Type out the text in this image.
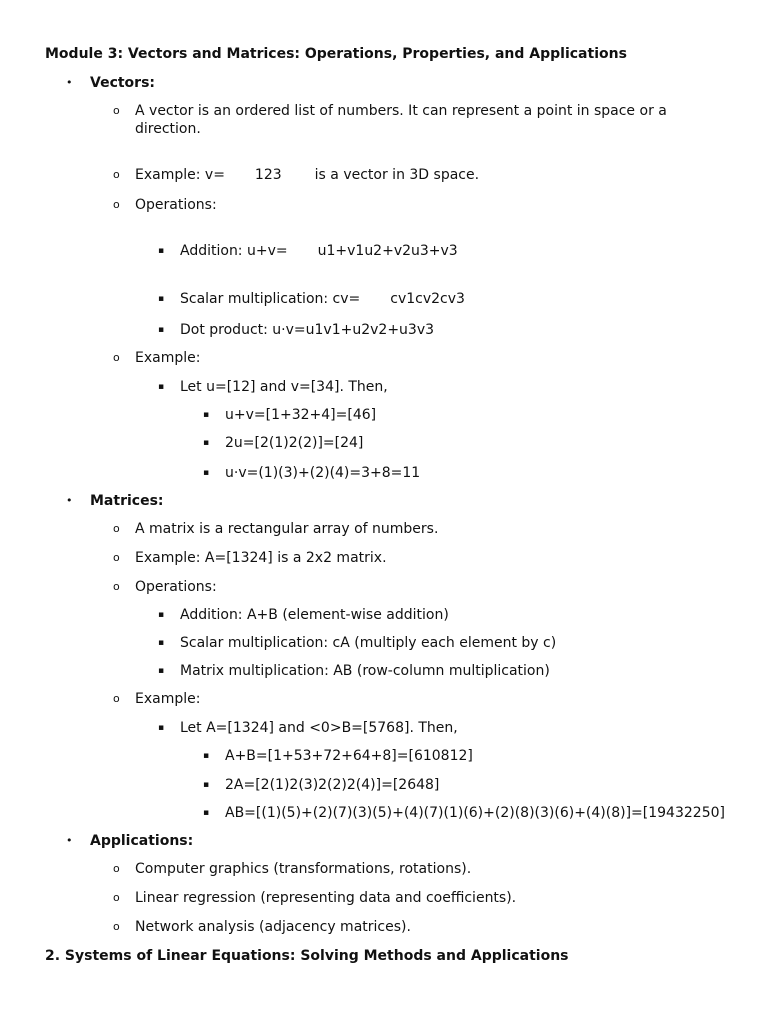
Module 3: Vectors and Matrices: Operations, Properties, and Applications
• Vectors:
o A vector is an ordered list of numbers. It can represent a point in space or a
direction.
o Example: v= 123 is a vector in 3D space.
o Operations:
▪ Addition: u+v= u1+v1u2+v2u3+v3
▪ Scalar multiplication: cv= cv1cv2cv3
▪ Dot product: u·v=u1v1+u2v2+u3v3
o Example:
▪ Let u=[12] and v=[34]. Then,
▪ u+v=[1+32+4]=[46]
▪ 2u=[2(1)2(2)]=[24]
▪ u·v=(1)(3)+(2)(4)=3+8=11
• Matrices:
o A matrix is a rectangular array of numbers.
o Example: A=[1324] is a 2x2 matrix.
o Operations:
▪ Addition: A+B (element-wise addition)
▪ Scalar multiplication: cA (multiply each element by c)
▪ Matrix multiplication: AB (row-column multiplication)
o Example:
▪ Let A=[1324] and <0>B=[5768]. Then,
▪ A+B=[1+53+72+64+8]=[610812]
▪ 2A=[2(1)2(3)2(2)2(4)]=[2648]
▪ AB=[(1)(5)+(2)(7)(3)(5)+(4)(7)(1)(6)+(2)(8)(3)(6)+(4)(8)]=[19432250]
• Applications:
o Computer graphics (transformations, rotations).
o Linear regression (representing data and coefficients).
o Network analysis (adjacency matrices).
2. Systems of Linear Equations: Solving Methods and Applications
